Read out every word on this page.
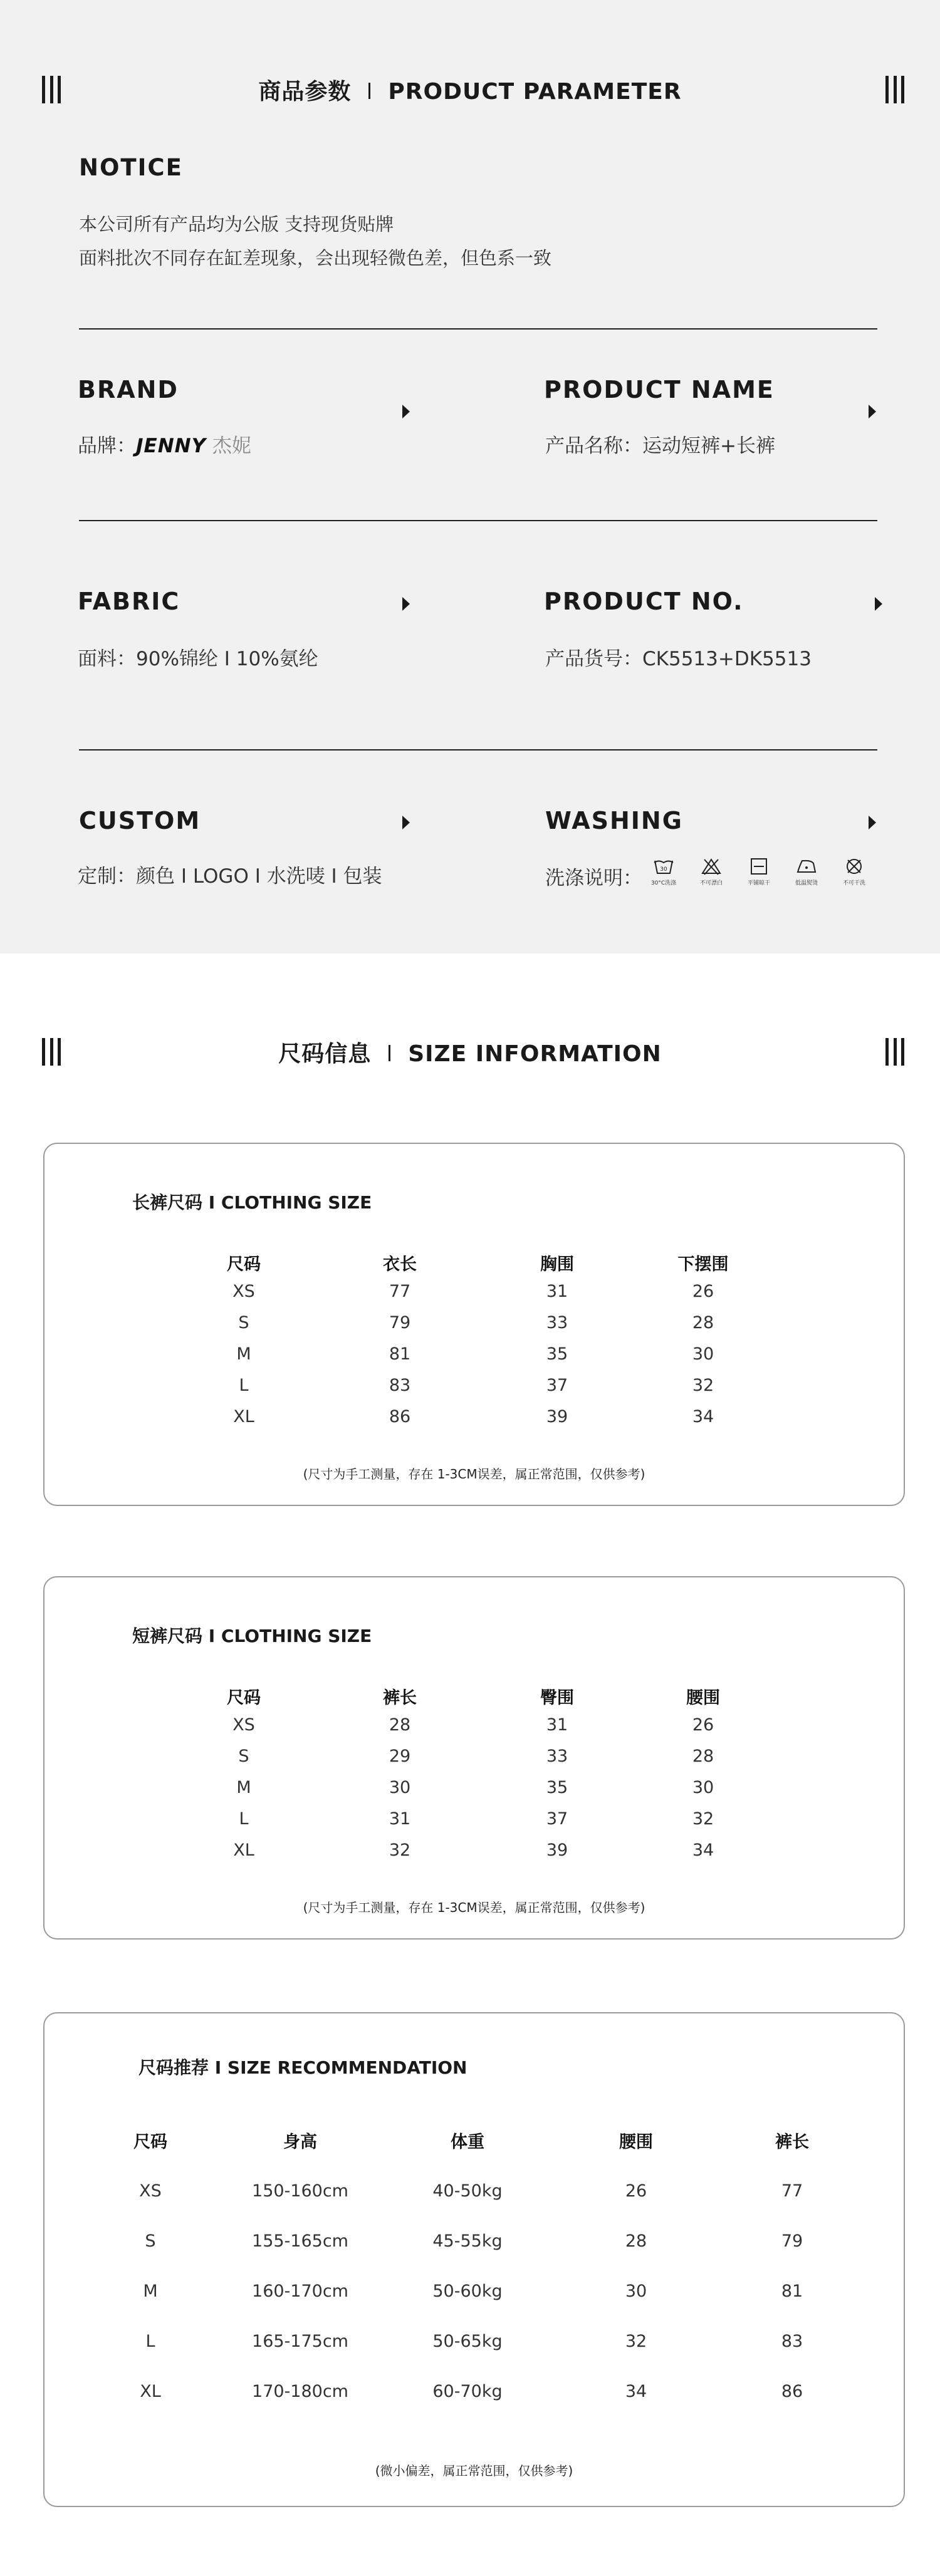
商品参数 PRODUCT PARAMETER
NOTICE
本公司所有产品均为公版 支持现货贴牌
面料批次不同存在缸差现象，会出现轻微色差，但色系一致
BRAND
品牌：JENNY 杰妮
PRODUCT NAME
产品名称：运动短裤+长裤
FABRIC
面料：90%锦纶 I 10%氨纶
PRODUCT NO.
产品货号：CK5513+DK5513
CUSTOM
定制：颜色 I LOGO I 水洗唛 I 包装
WASHING
洗涤说明：	30
30°C洗涤	不可漂白	平铺晾干	低温熨烫	不可干洗
尺码信息 SIZE INFORMATION
长裤尺码 I CLOTHING SIZE
尺码	衣长	胸围	下摆围
XS	77	31	26
S	79	33	28
M	81	35	30
L	83	37	32
XL	86	39	34
(尺寸为手工测量，存在 1-3CM误差，属正常范围，仅供参考)
短裤尺码 I CLOTHING SIZE
尺码	裤长	臀围	腰围
XS	28	31	26
S	29	33	28
M	30	35	30
L	31	37	32
XL	32	39	34
(尺寸为手工测量，存在 1-3CM误差，属正常范围，仅供参考)
尺码推荐 I SIZE RECOMMENDATION
尺码	身高	体重	腰围	裤长
XS	150-160cm	40-50kg	26	77
S	155-165cm	45-55kg	28	79
M	160-170cm	50-60kg	30	81
L	165-175cm	50-65kg	32	83
XL	170-180cm	60-70kg	34	86
(微小偏差，属正常范围，仅供参考)
